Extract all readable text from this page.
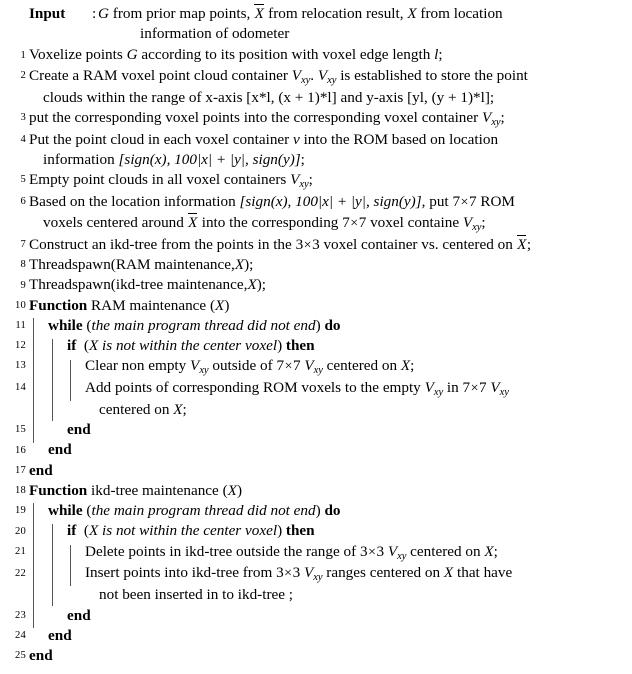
Input : G from prior map points, X from relocation result, X from location
information of odometer
1 Voxelize points G according to its position with voxel edge length l;
2 Create a RAM voxel point cloud container $V_{xy}$. $V_{xy}$ is established to store the point

clouds within the range of x-axis [x*l, (x + 1)*l] and y-axis [yl, (y + 1)*l];
3 put the corresponding voxel points into the corresponding voxel container $V_{xy}$;
4 Put the point cloud in each voxel container v into the ROM based on location

information [sign(x), 100|x| + |y|, sign(y)];
5 Empty point clouds in all voxel containers $V_{xy}$;
6 Based on the location information [sign(x), 100|x| + |y|, sign(y)], put 7×7 ROM

voxels centered around X into the corresponding 7×7 voxel containe $V_{xy}$;
7 Construct an ikd-tree from the points in the 3×3 voxel container vs. centered on X;
8 Threadspawn(RAM maintenance,X);
9 Threadspawn(ikd-tree maintenance,X);
10 Function RAM maintenance (X)
11 while (the main program thread did not end) do
12	if  (X is not within the center voxel) then
13	Clear non empty $V_{xy}$ outside of 7×7 $V_{xy}$ centered on X;
14	Add points of corresponding ROM voxels to the empty $V_{xy}$ in 7×7 $V_{xy}$

centered on X;
15	end
16 end
17 end
18 Function ikd-tree maintenance (X)
19 while (the main program thread did not end) do
20	if  (X is not within the center voxel) then
21	Delete points in ikd-tree outside the range of 3×3 $V_{xy}$ centered on X;
22	Insert points into ikd-tree from 3×3 $V_{xy}$ ranges centered on X that have

not been inserted in to ikd-tree ;
23	end
24 end
25 end
